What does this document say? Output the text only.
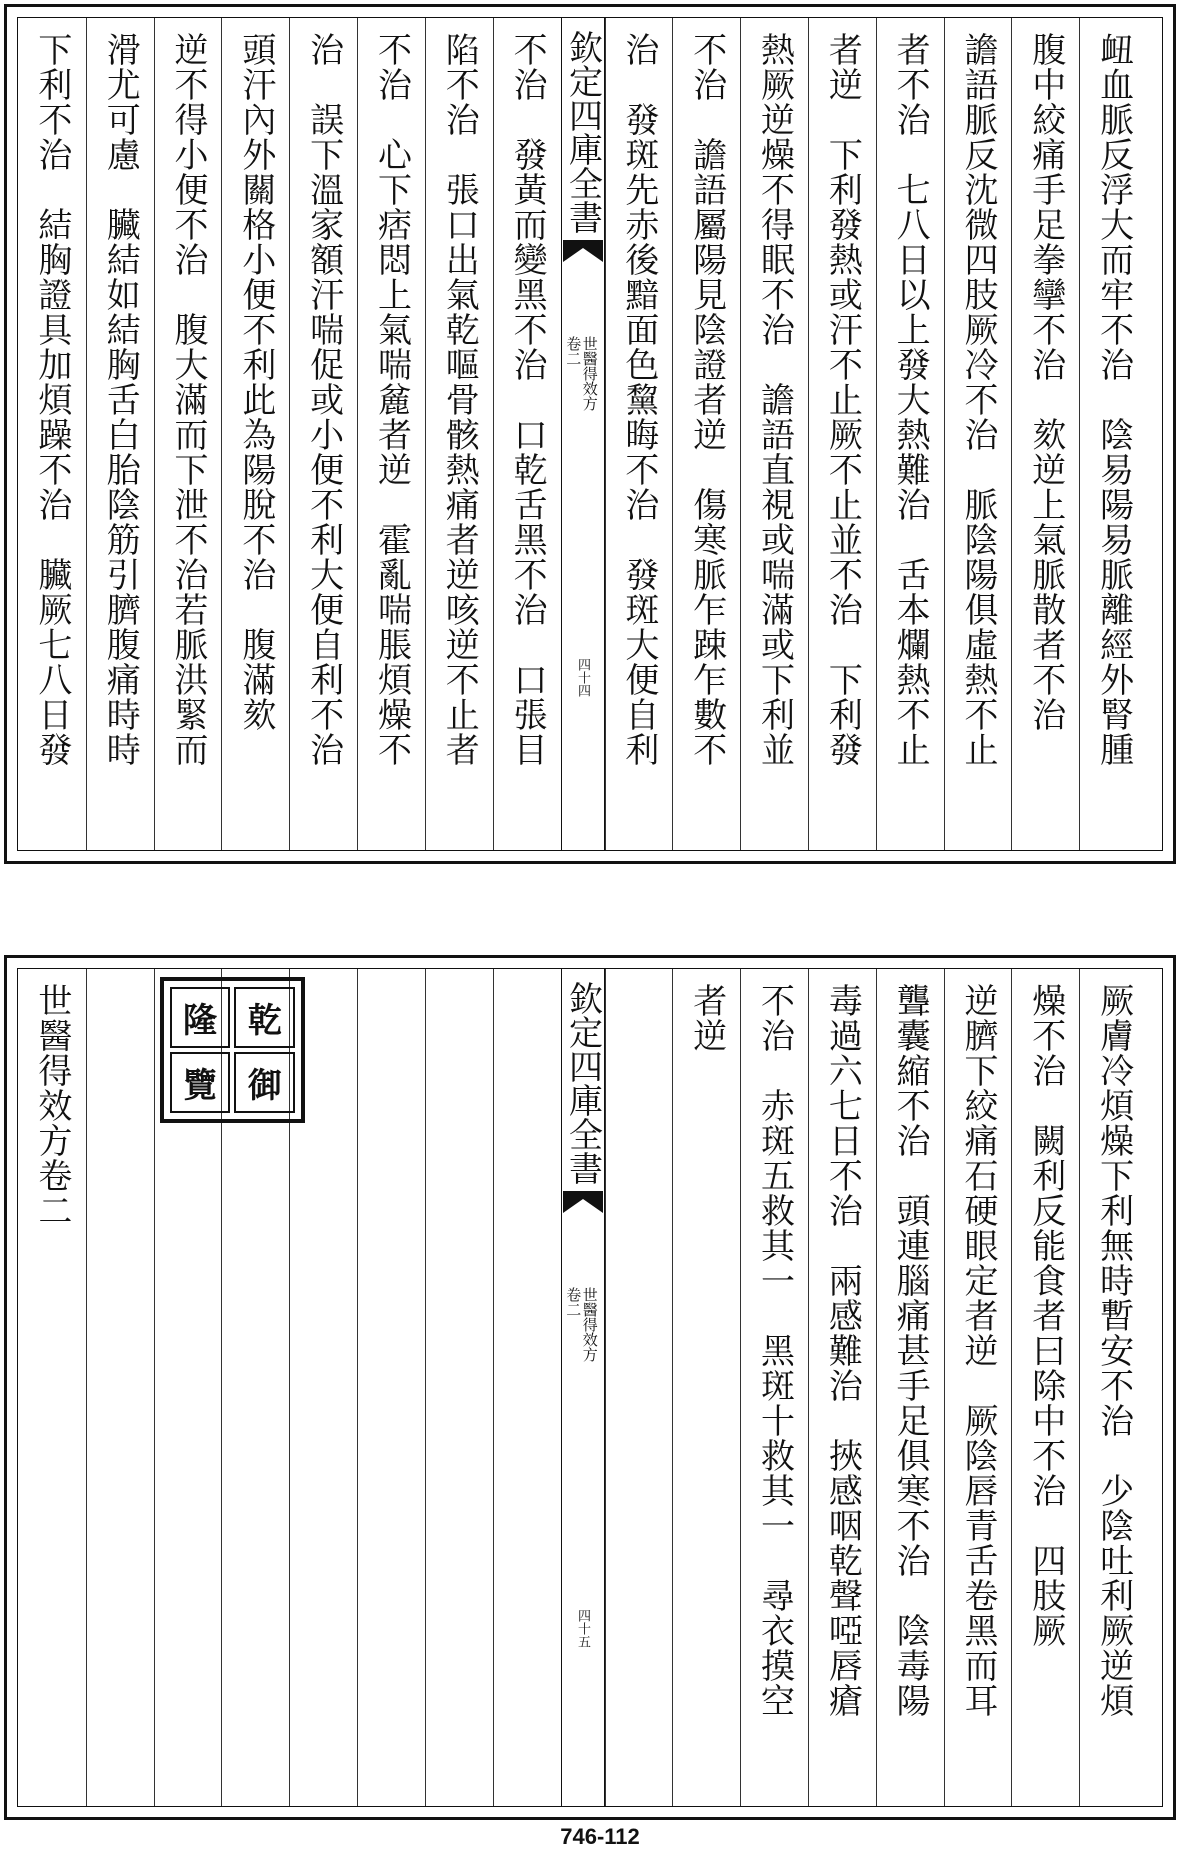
衄血脈反浮大而牢不治　陰易陽易脈離經外腎腫
腹中絞痛手足拳攣不治　欬逆上氣脈散者不治
譫語脈反沈微四肢厥冷不治　脈陰陽俱虛熱不止
者不治　七八日以上發大熱難治　舌本爛熱不止
者逆　下利發熱或汗不止厥不止並不治　下利發
熱厥逆燥不得眠不治　譫語直視或喘滿或下利並
不治　譫語屬陽見陰證者逆　傷寒脈乍踈乍數不
治　發斑先赤後黯面色黧晦不治　發斑大便自利
不治　發黃而變黑不治　口乾舌黑不治　口張目
陷不治　張口出氣乾嘔骨骸熱痛者逆咳逆不止者
不治　心下痞悶上氣喘麄者逆　霍亂喘脹煩燥不
治　誤下溫家額汗喘促或小便不利大便自利不治
頭汗內外關格小便不利此為陽脫不治　腹滿欬
逆不得小便不治　腹大滿而下泄不治若脈洪緊而
滑尤可慮　臟結如結胸舌白胎陰筋引臍腹痛時時
下利不治　結胸證具加煩躁不治　臟厥七八日發	欽定四庫全書
世醫得效方
卷二
四十四
厥膚冷煩燥下利無時暫安不治　少陰吐利厥逆煩
燥不治　闕利反能食者曰除中不治　四肢厥
逆臍下絞痛石硬眼定者逆　厥陰唇青舌卷黑而耳
聾囊縮不治　頭連腦痛甚手足俱寒不治　陰毒陽
毒過六七日不治　兩感難治　挾感咽乾聲啞唇瘡
不治　赤斑五救其一　黑斑十救其一　尋衣摸空
者逆
世醫得效方卷二	欽定四庫全書
世醫得效方
卷二
四十五
隆 乾
覽 御
746-112
